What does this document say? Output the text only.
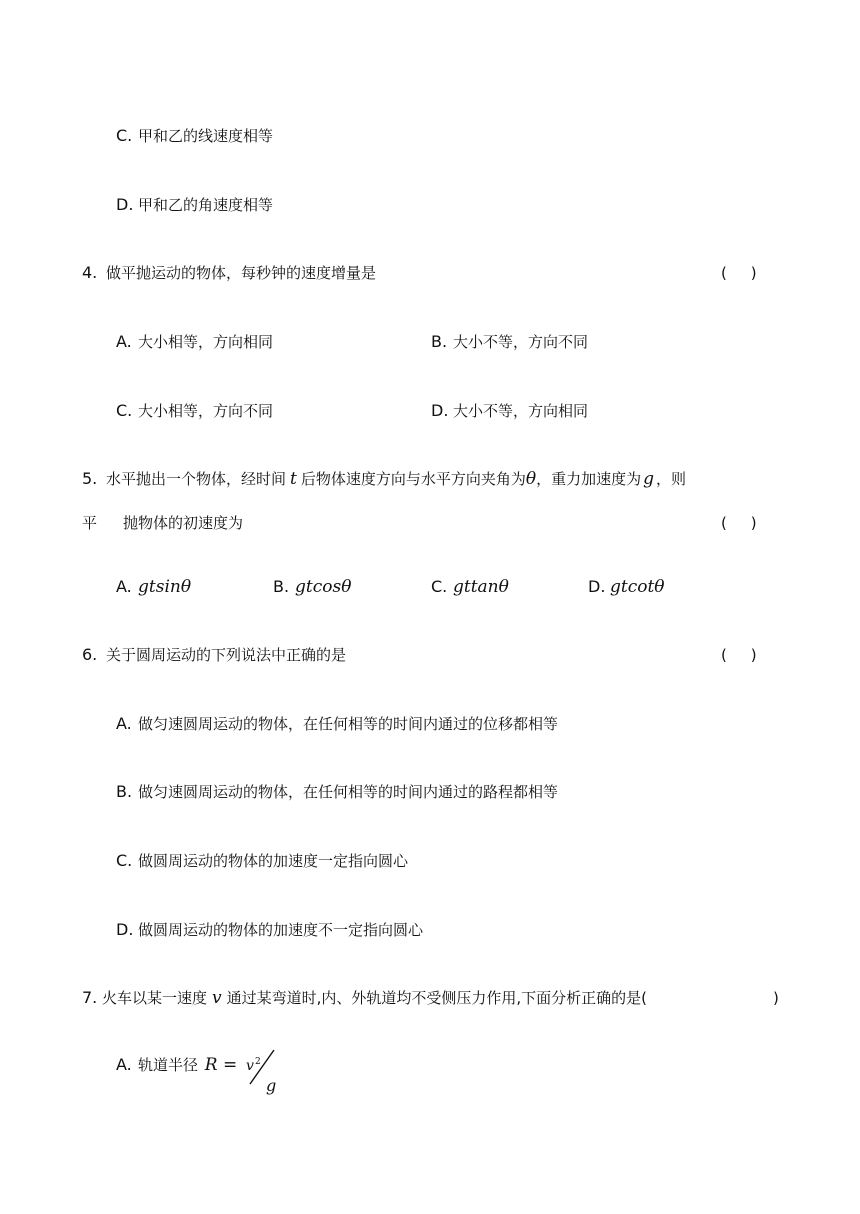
C. 甲和乙的线速度相等
D. 甲和乙的角速度相等
4. 做平抛运动的物体，每秒钟的速度增量是	(     )
A. 大小相等，方向相同	B. 大小不等，方向不同
C. 大小相等，方向不同	D. 大小不等，方向相同
5. 水平抛出一个物体，经时间 t 后物体速度方向与水平方向夹角为θ，重力加速度为 g ，则
平 抛物体的初速度为	(     )
A. gtsinθ	B. gtcosθ	C. gttanθ	D. gtcotθ
6. 关于圆周运动的下列说法中正确的是	(     )
A. 做匀速圆周运动的物体，在任何相等的时间内通过的位移都相等
B. 做匀速圆周运动的物体，在任何相等的时间内通过的路程都相等
C. 做圆周运动的物体的加速度一定指向圆心
D. 做圆周运动的物体的加速度不一定指向圆心
7. 火车以某一速度 v 通过某弯道时,内、外轨道均不受侧压力作用,下面分析正确的是(	)
A. 轨道半径 R = v 2
g
